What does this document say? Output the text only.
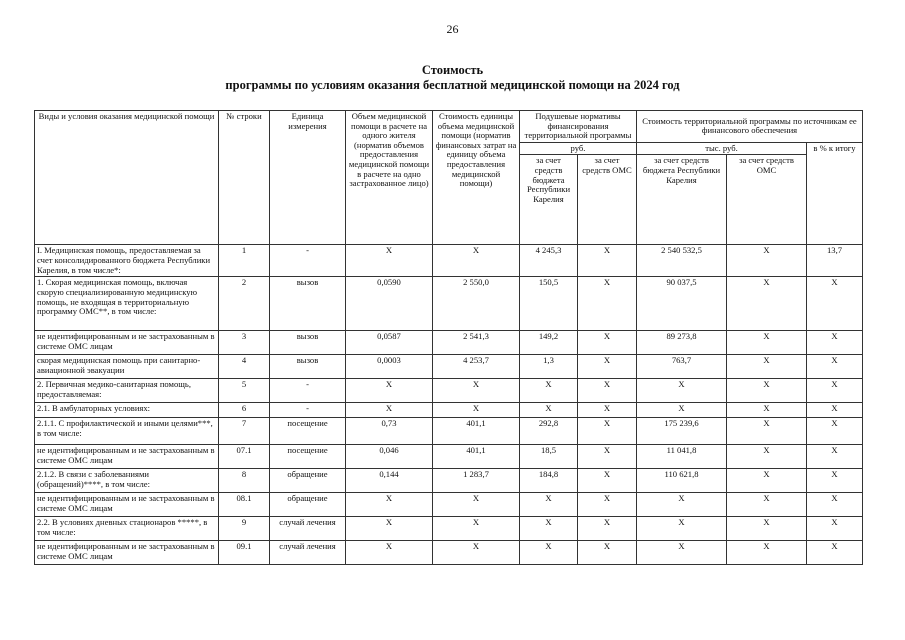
26
Стоимость
программы по условиям оказания бесплатной медицинской помощи на 2024 год
Виды и условия оказания медицинской помощи	№ строки	Единица измерения	Объем медицинской помощи в расчете на одного жителя (норматив объемов предоставления медицинской помощи в расчете на одно застрахованное лицо)	Стоимость единицы объема медицинской помощи (норматив финансовых затрат на единицу объема предоставления медицинской помощи)	Подушевые нормативы финансирования территориальной программы		Стоимость территориальной программы по источникам ее финансового обеспечения		
					руб.		тыс. руб.		в % к итогу
					за счет средств бюджета Республики Карелия	за счет средств ОМС	за счет средств бюджета Республики Карелия	за счет средств ОМС	
I. Медицинская помощь, предоставляемая за счет консолидированного бюджета Республики Карелия, в том числе*:	1	-	X	X	4 245,3	X	2 540 532,5	X	13,7
1. Скорая медицинская помощь, включая скорую специализированную медицинскую помощь, не входящая в территориальную программу ОМС**, в том числе:	2	вызов	0,0590	2 550,0	150,5	X	90 037,5	X	X
не идентифицированным и не застрахованным в системе ОМС лицам	3	вызов	0,0587	2 541,3	149,2	X	89 273,8	X	X
скорая медицинская помощь при санитарно-авиационной эвакуации	4	вызов	0,0003	4 253,7	1,3	X	763,7	X	X
2. Первичная медико-санитарная помощь, предоставляемая:	5	-	X	X	X	X	X	X	X
2.1. В амбулаторных условиях:	6	-	X	X	X	X	X	X	X
2.1.1. С профилактической и иными целями***, в том числе:	7	посещение	0,73	401,1	292,8	X	175 239,6	X	X
не идентифицированным и не застрахованным в системе ОМС лицам	07.1	посещение	0,046	401,1	18,5	X	11 041,8	X	X
2.1.2. В связи с заболеваниями (обращений)****, в том числе:	8	обращение	0,144	1 283,7	184,8	X	110 621,8	X	X
не идентифицированным и не застрахованным в системе ОМС лицам	08.1	обращение	X	X	X	X	X	X	X
2.2. В условиях дневных стационаров *****, в том числе:	9	случай лечения	X	X	X	X	X	X	X
не идентифицированным и не застрахованным в системе ОМС лицам	09.1	случай лечения	X	X	X	X	X	X	X
